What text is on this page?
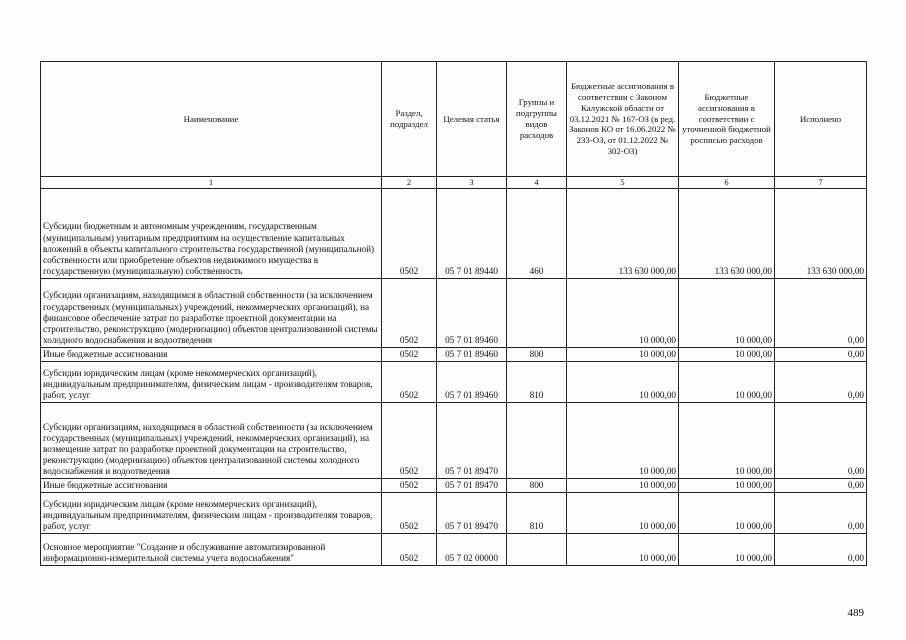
Наименование	Раздел, подраздел	Целевая статья	Группы и подгруппы видов расходов	Бюджетные ассигнования в соответствии с Законом Калужской области от 03.12.2021 № 167-ОЗ (в ред. Законов КО от 16.06.2022 № 233-ОЗ, от 01.12.2022 № 302-ОЗ)	Бюджетные ассигнования в соответствии с уточненной бюджетной росписью расходов	Исполнено
1	2	3	4	5	6	7
Субсидии бюджетным и автономным учреждениям, государственным (муниципальным) унитарным предприятиям на осуществление капитальных вложений в объекты капитального строительства государственной (муниципальной) собственности или приобретение объектов недвижимого имущества в государственную (муниципальную) собственность	0502	05 7 01 89440	460	133 630 000,00	133 630 000,00	133 630 000,00
Субсидии организациям, находящимся в областной собственности (за исключением государственных (муниципальных) учреждений, некоммерческих организаций), на финансовое обеспечение затрат по разработке проектной документации на строительство, реконструкцию (модернизацию) объектов централизованной системы холодного водоснабжения и водоотведения	0502	05 7 01 89460		10 000,00	10 000,00	0,00
Иные бюджетные ассигнования	0502	05 7 01 89460	800	10 000,00	10 000,00	0,00
Субсидии юридическим лицам (кроме некоммерческих организаций), индивидуальным предпринимателям, физическим лицам - производителям товаров, работ, услуг	0502	05 7 01 89460	810	10 000,00	10 000,00	0,00
Субсидии организациям, находящимся в областной собственности (за исключением государственных (муниципальных) учреждений, некоммерческих организаций), на возмещение затрат по разработке проектной документации на строительство, реконструкцию (модернизацию) объектов централизованной системы холодного водоснабжения и водоотведения	0502	05 7 01 89470		10 000,00	10 000,00	0,00
Иные бюджетные ассигнования	0502	05 7 01 89470	800	10 000,00	10 000,00	0,00
Субсидии юридическим лицам (кроме некоммерческих организаций), индивидуальным предпринимателям, физическим лицам - производителям товаров, работ, услуг	0502	05 7 01 89470	810	10 000,00	10 000,00	0,00
Основное мероприятие "Создание и обслуживание автоматизированной информационно-измерительной системы учета водоснабжения"	0502	05 7 02 00000		10 000,00	10 000,00	0,00
489
